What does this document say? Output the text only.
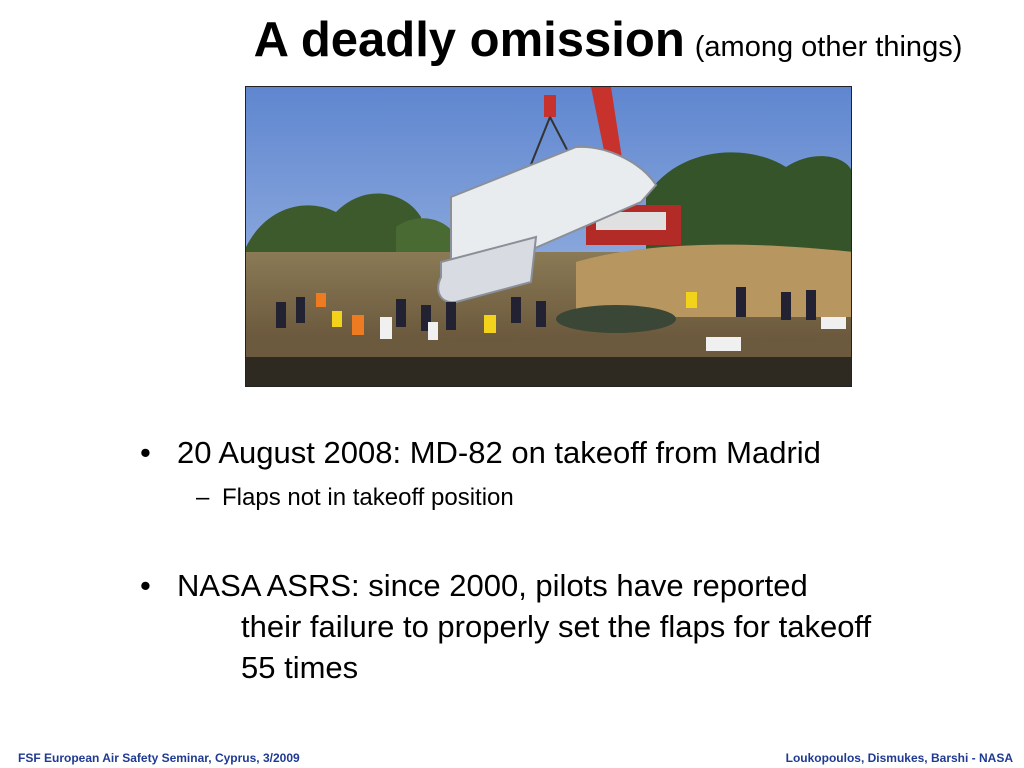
A deadly omission (among other things)
• 20 August 2008: MD-82 on takeoff from Madrid
– Flaps not in takeoff position
• NASA ASRS: since 2000, pilots have reported
their failure to properly set the flaps for takeoff
55 times
FSF European Air Safety Seminar, Cyprus, 3/2009	Loukopoulos, Dismukes, Barshi - NASA
